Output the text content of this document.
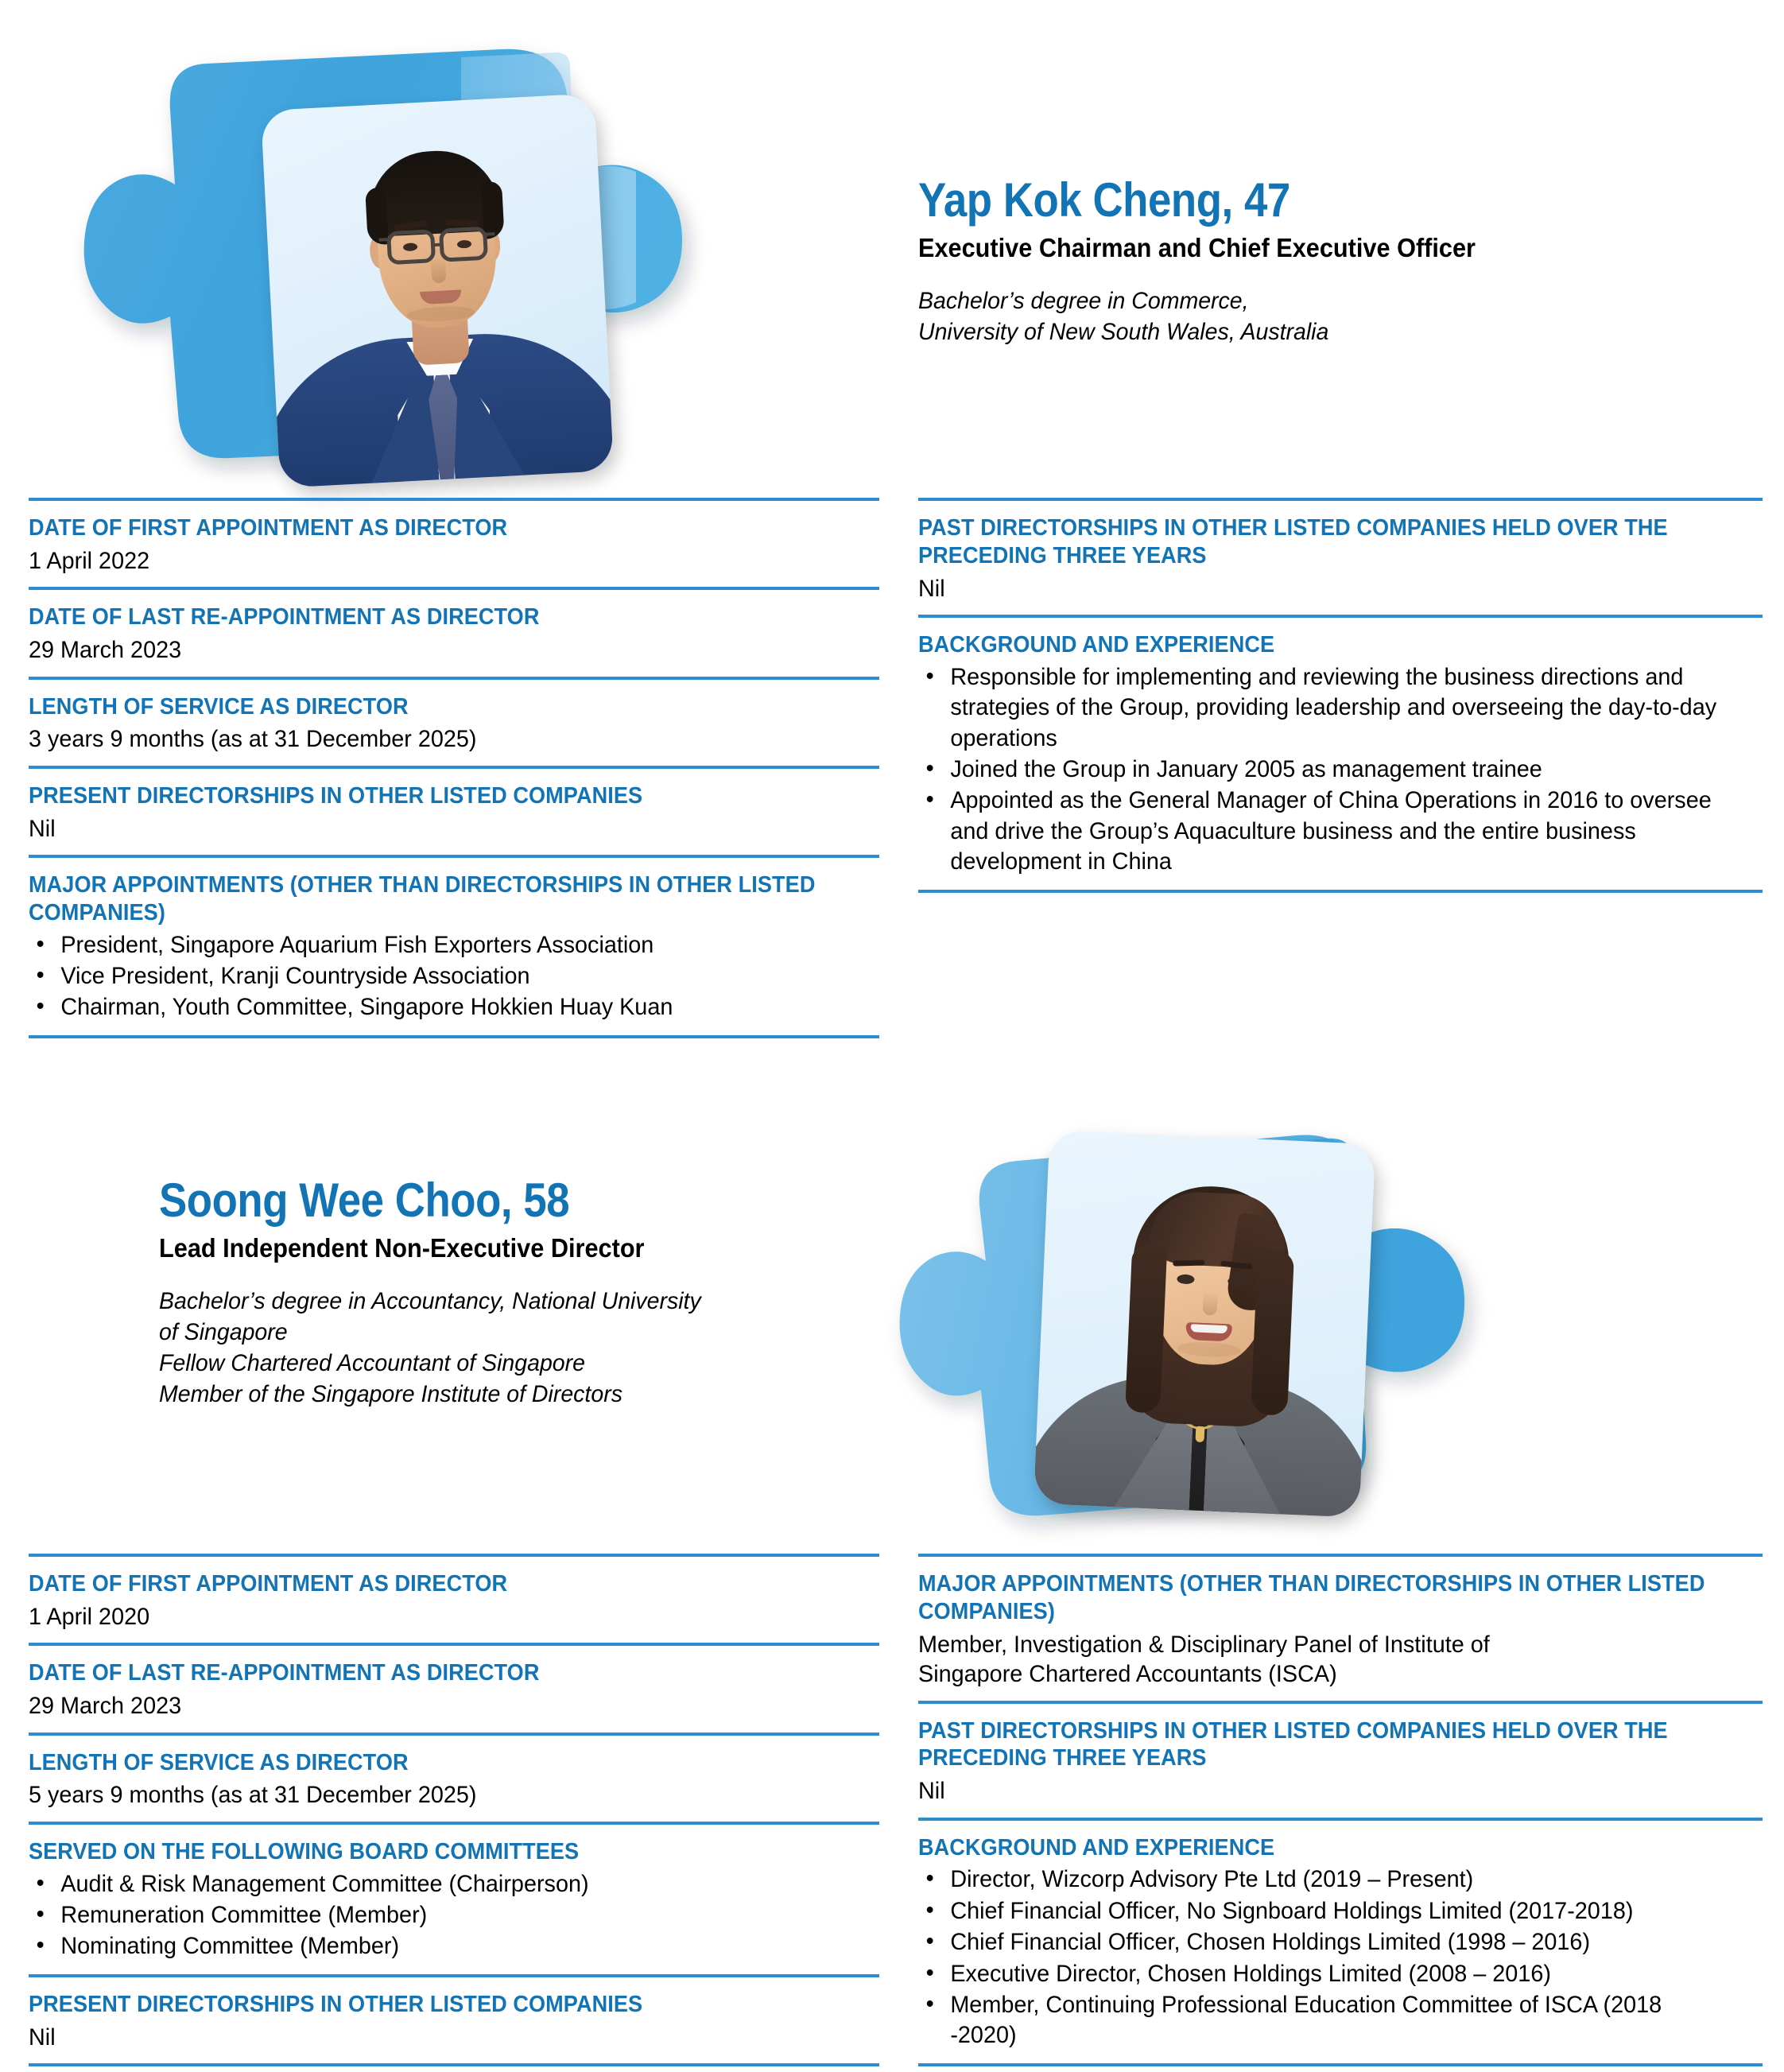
Yap Kok Cheng, 47
Executive Chairman and Chief Executive Officer
Bachelor’s degree in Commerce,
University of New South Wales, Australia
DATE OF FIRST APPOINTMENT AS DIRECTOR
1 April 2022
DATE OF LAST RE-APPOINTMENT AS DIRECTOR
29 March 2023
LENGTH OF SERVICE AS DIRECTOR
3 years 9 months (as at 31 December 2025)
PRESENT DIRECTORSHIPS IN OTHER LISTED COMPANIES
Nil
MAJOR APPOINTMENTS (OTHER THAN DIRECTORSHIPS IN OTHER LISTED COMPANIES)
• President, Singapore Aquarium Fish Exporters Association
• Vice President, Kranji Countryside Association
• Chairman, Youth Committee, Singapore Hokkien Huay Kuan
PAST DIRECTORSHIPS IN OTHER LISTED COMPANIES HELD OVER THE PRECEDING THREE YEARS
Nil
BACKGROUND AND EXPERIENCE
• Responsible for implementing and reviewing the business directions and strategies of the Group, providing leadership and overseeing the day-to-day operations
• Joined the Group in January 2005 as management trainee
• Appointed as the General Manager of China Operations in 2016 to oversee and drive the Group’s Aquaculture business and the entire business development in China
Soong Wee Choo, 58
Lead Independent Non-Executive Director
Bachelor’s degree in Accountancy, National University
of Singapore
Fellow Chartered Accountant of Singapore
Member of the Singapore Institute of Directors
DATE OF FIRST APPOINTMENT AS DIRECTOR
1 April 2020
DATE OF LAST RE-APPOINTMENT AS DIRECTOR
29 March 2023
LENGTH OF SERVICE AS DIRECTOR
5 years 9 months (as at 31 December 2025)
SERVED ON THE FOLLOWING BOARD COMMITTEES
• Audit & Risk Management Committee (Chairperson)
• Remuneration Committee (Member)
• Nominating Committee (Member)
PRESENT DIRECTORSHIPS IN OTHER LISTED COMPANIES
Nil
MAJOR APPOINTMENTS (OTHER THAN DIRECTORSHIPS IN OTHER LISTED COMPANIES)
Member, Investigation & Disciplinary Panel of Institute of
Singapore Chartered Accountants (ISCA)
PAST DIRECTORSHIPS IN OTHER LISTED COMPANIES HELD OVER THE PRECEDING THREE YEARS
Nil
BACKGROUND AND EXPERIENCE
• Director, Wizcorp Advisory Pte Ltd (2019 – Present)
• Chief Financial Officer, No Signboard Holdings Limited (2017-2018)
• Chief Financial Officer, Chosen Holdings Limited (1998 – 2016)
• Executive Director, Chosen Holdings Limited (2008 – 2016)
• Member, Continuing Professional Education Committee of ISCA (2018 -2020)
